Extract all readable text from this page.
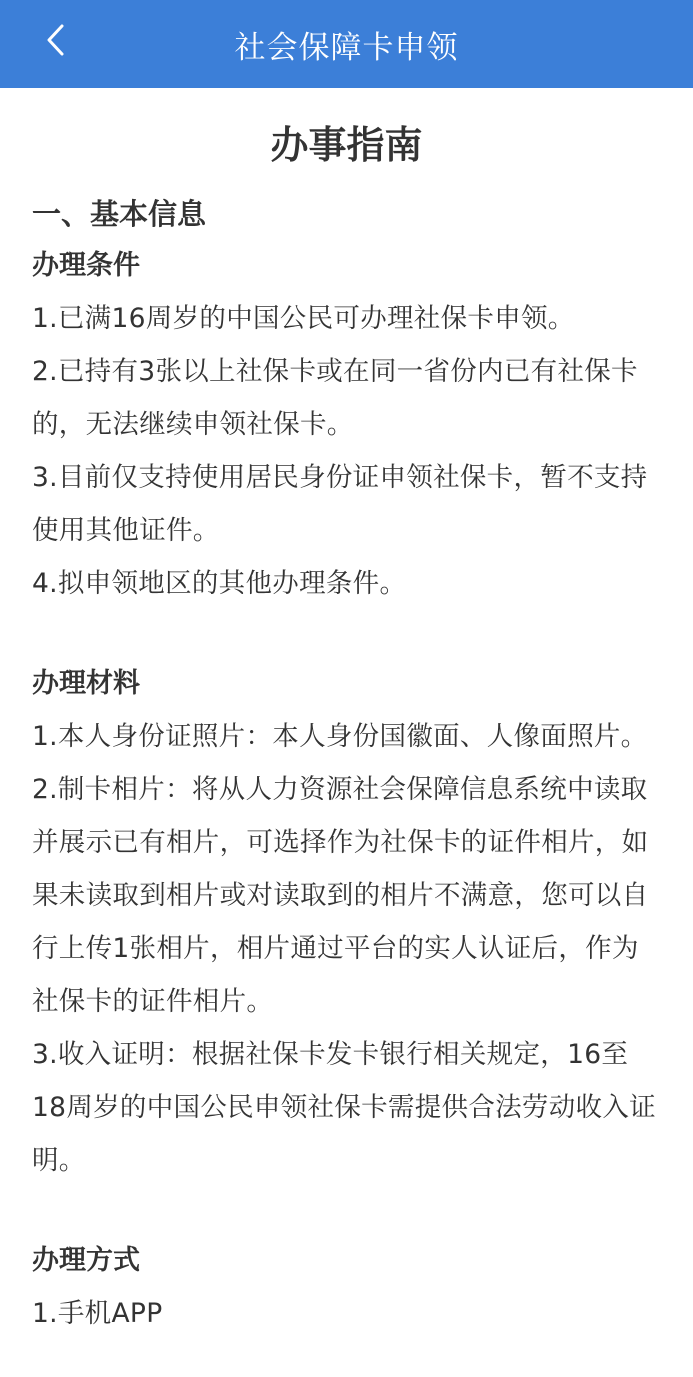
社会保障卡申领
办事指南
一、基本信息
办理条件
1.已满16周岁的中国公民可办理社保卡申领。
2.已持有3张以上社保卡或在同一省份内已有社保卡的，无法继续申领社保卡。
3.目前仅支持使用居民身份证申领社保卡，暂不支持使用其他证件。
4.拟申领地区的其他办理条件。
办理材料
1.本人身份证照片：本人身份国徽面、人像面照片。
2.制卡相片：将从人力资源社会保障信息系统中读取并展示已有相片，可选择作为社保卡的证件相片，如果未读取到相片或对读取到的相片不满意，您可以自行上传1张相片，相片通过平台的实人认证后，作为社保卡的证件相片。
3.收入证明：根据社保卡发卡银行相关规定，16至18周岁的中国公民申领社保卡需提供合法劳动收入证明。
办理方式
1.手机APP
